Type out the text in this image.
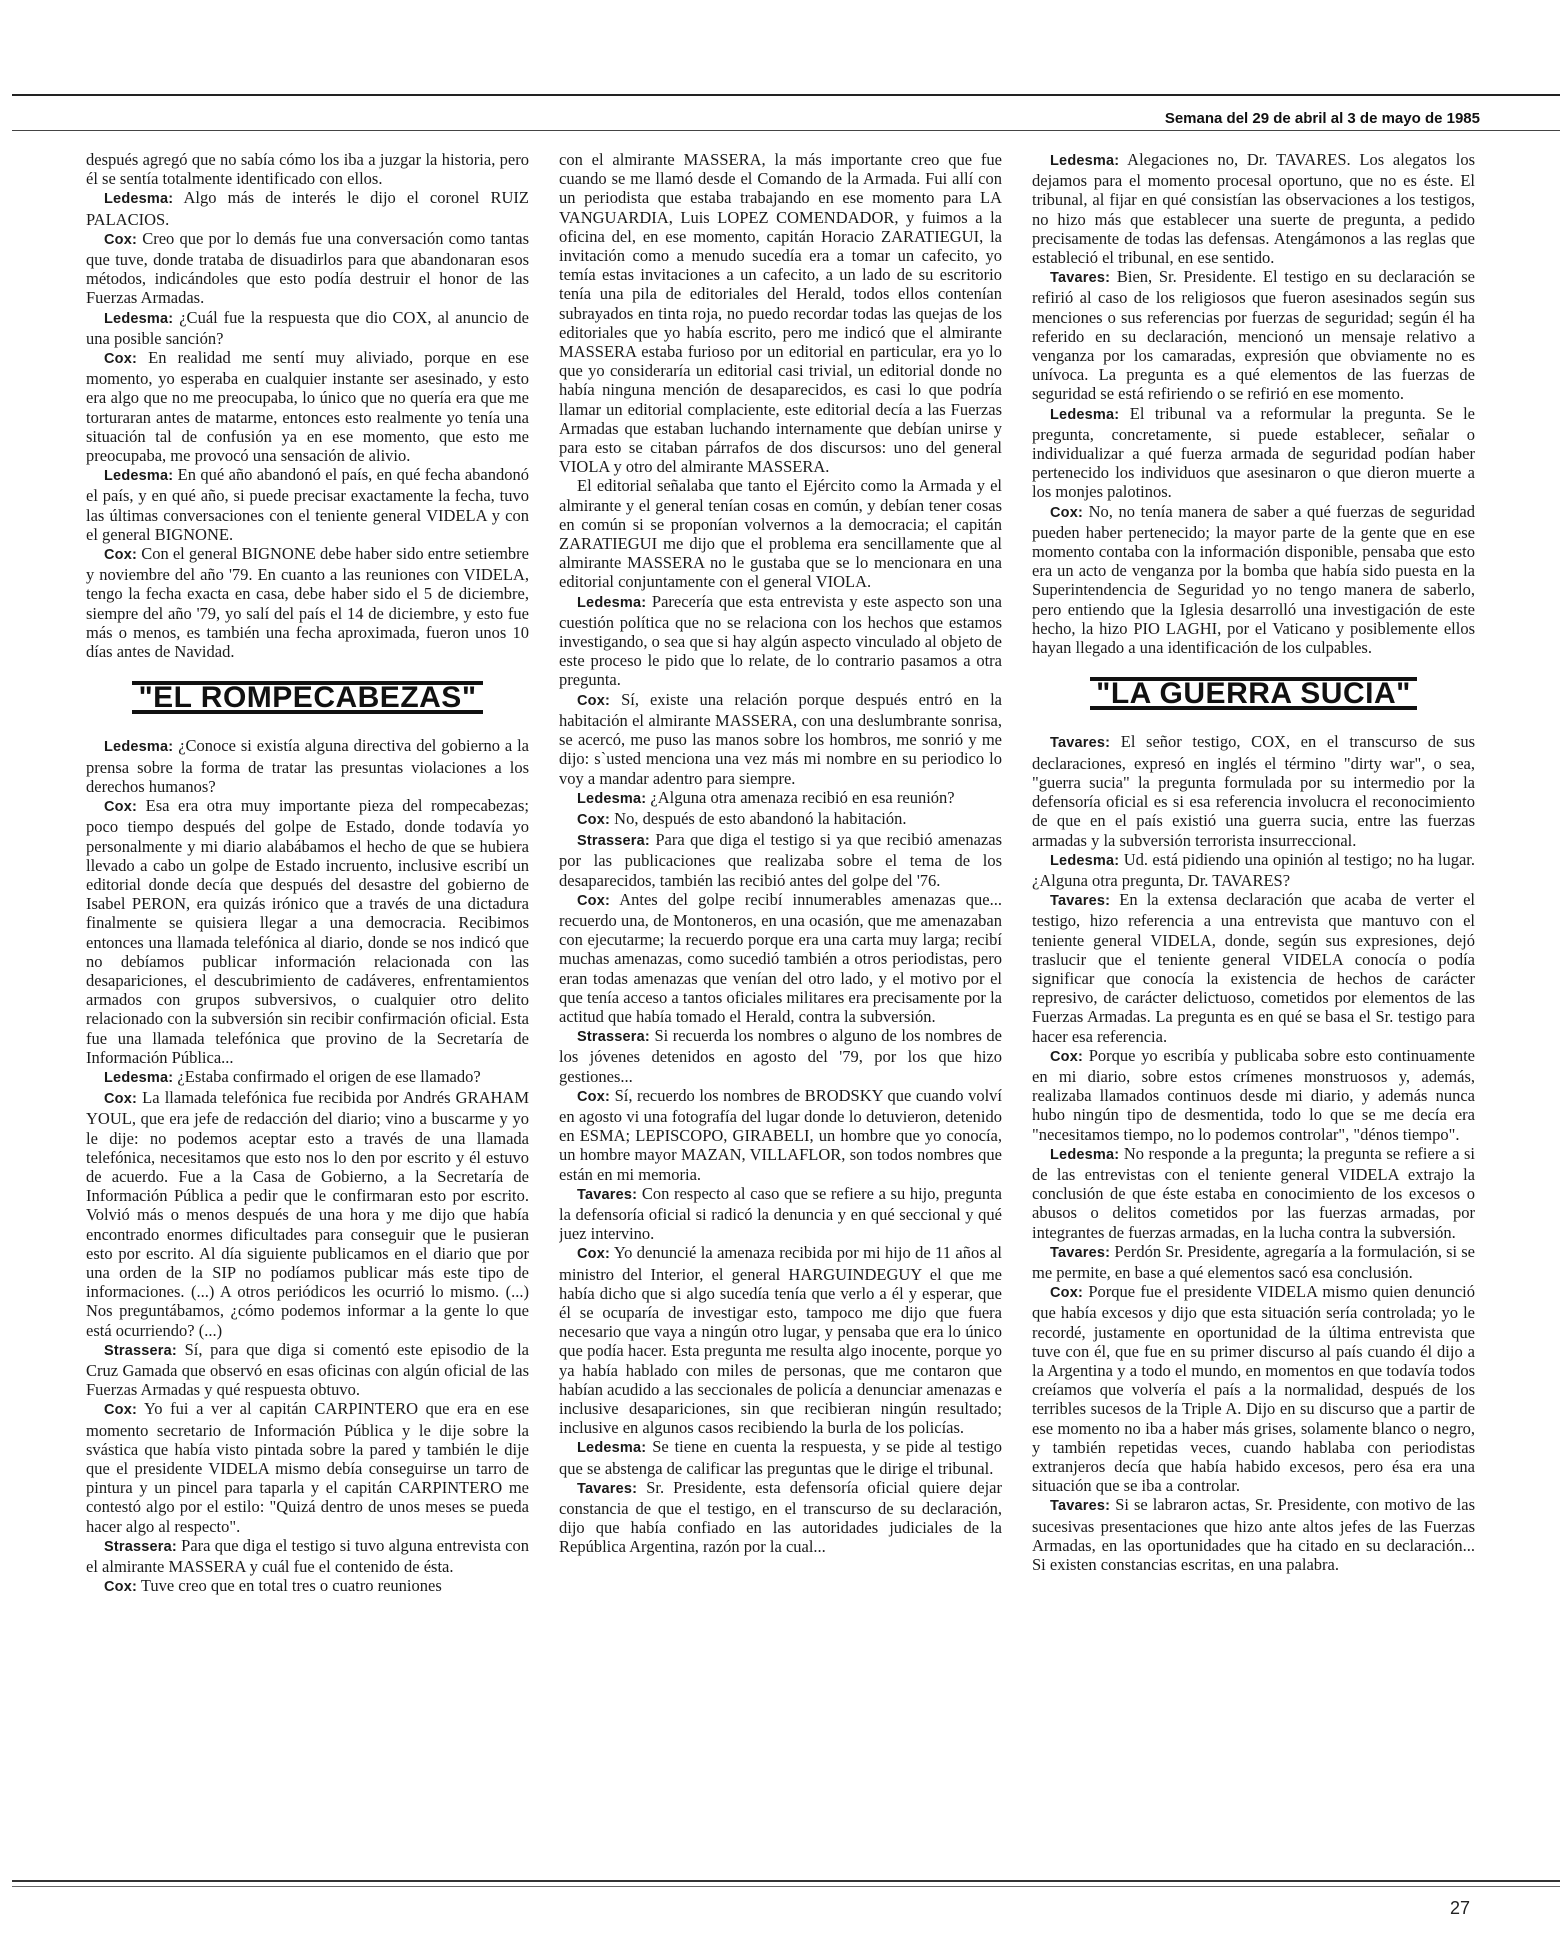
Semana del 29 de abril al 3 de mayo de 1985

después agregó que no sabía cómo los iba a juzgar la historia, pero él se sentía totalmente identificado con ellos.

Ledesma: Algo más de interés le dijo el coronel RUIZ PALACIOS.

Cox: Creo que por lo demás fue una conversación como tantas que tuve, donde trataba de disuadirlos para que abandonaran esos métodos, indicándoles que esto podía destruir el honor de las Fuerzas Armadas.

Ledesma: ¿Cuál fue la respuesta que dio COX, al anuncio de una posible sanción?

Cox: En realidad me sentí muy aliviado, porque en ese momento, yo esperaba en cualquier instante ser asesinado, y esto era algo que no me preocupaba, lo único que no quería era que me torturaran antes de matarme, entonces esto realmente yo tenía una situación tal de confusión ya en ese momento, que esto me preocupaba, me provocó una sensación de alivio.

Ledesma: En qué año abandonó el país, en qué fecha abandonó el país, y en qué año, si puede precisar exactamente la fecha, tuvo las últimas conversaciones con el teniente general VIDELA y con el general BIGNONE.

Cox: Con el general BIGNONE debe haber sido entre setiembre y noviembre del año '79. En cuanto a las reuniones con VIDELA, tengo la fecha exacta en casa, debe haber sido el 5 de diciembre, siempre del año '79, yo salí del país el 14 de diciembre, y esto fue más o menos, es también una fecha aproximada, fueron unos 10 días antes de Navidad.

"EL ROMPECABEZAS"

Ledesma: ¿Conoce si existía alguna directiva del gobierno a la prensa sobre la forma de tratar las presuntas violaciones a los derechos humanos?

Cox: Esa era otra muy importante pieza del rompecabezas; poco tiempo después del golpe de Estado, donde todavía yo personalmente y mi diario alabábamos el hecho de que se hubiera llevado a cabo un golpe de Estado incruento, inclusive escribí un editorial donde decía que después del desastre del gobierno de Isabel PERON, era quizás irónico que a través de una dictadura finalmente se quisiera llegar a una democracia. Recibimos entonces una llamada telefónica al diario, donde se nos indicó que no debíamos publicar información relacionada con las desapariciones, el descubrimiento de cadáveres, enfrentamientos armados con grupos subversivos, o cualquier otro delito relacionado con la subversión sin recibir confirmación oficial. Esta fue una llamada telefónica que provino de la Secretaría de Información Pública...

Ledesma: ¿Estaba confirmado el origen de ese llamado?

Cox: La llamada telefónica fue recibida por Andrés GRAHAM YOUL, que era jefe de redacción del diario; vino a buscarme y yo le dije: no podemos aceptar esto a través de una llamada telefónica, necesitamos que esto nos lo den por escrito y él estuvo de acuerdo. Fue a la Casa de Gobierno, a la Secretaría de Información Pública a pedir que le confirmaran esto por escrito. Volvió más o menos después de una hora y me dijo que había encontrado enormes dificultades para conseguir que le pusieran esto por escrito. Al día siguiente publicamos en el diario que por una orden de la SIP no podíamos publicar más este tipo de informaciones. (...) A otros periódicos les ocurrió lo mismo. (...) Nos preguntábamos, ¿cómo podemos informar a la gente lo que está ocurriendo? (...)

Strassera: Sí, para que diga si comentó este episodio de la Cruz Gamada que observó en esas oficinas con algún oficial de las Fuerzas Armadas y qué respuesta obtuvo.

Cox: Yo fui a ver al capitán CARPINTERO que era en ese momento secretario de Información Pública y le dije sobre la svástica que había visto pintada sobre la pared y también le dije que el presidente VIDELA mismo debía conseguirse un tarro de pintura y un pincel para taparla y el capitán CARPINTERO me contestó algo por el estilo: "Quizá dentro de unos meses se pueda hacer algo al respecto".

Strassera: Para que diga el testigo si tuvo alguna entrevista con el almirante MASSERA y cuál fue el contenido de ésta.

Cox: Tuve creo que en total tres o cuatro reuniones

con el almirante MASSERA, la más importante creo que fue cuando se me llamó desde el Comando de la Armada. Fui allí con un periodista que estaba trabajando en ese momento para LA VANGUARDIA, Luis LOPEZ COMENDADOR, y fuimos a la oficina del, en ese momento, capitán Horacio ZARATIEGUI, la invitación como a menudo sucedía era a tomar un cafecito, yo temía estas invitaciones a un cafecito, a un lado de su escritorio tenía una pila de editoriales del Herald, todos ellos contenían subrayados en tinta roja, no puedo recordar todas las quejas de los editoriales que yo había escrito, pero me indicó que el almirante MASSERA estaba furioso por un editorial en particular, era yo lo que yo consideraría un editorial casi trivial, un editorial donde no había ninguna mención de desaparecidos, es casi lo que podría llamar un editorial complaciente, este editorial decía a las Fuerzas Armadas que estaban luchando internamente que debían unirse y para esto se citaban párrafos de dos discursos: uno del general VIOLA y otro del almirante MASSERA.

El editorial señalaba que tanto el Ejército como la Armada y el almirante y el general tenían cosas en común, y debían tener cosas en común si se proponían volvernos a la democracia; el capitán ZARATIEGUI me dijo que el problema era sencillamente que al almirante MASSERA no le gustaba que se lo mencionara en una editorial conjuntamente con el general VIOLA.

Ledesma: Parecería que esta entrevista y este aspecto son una cuestión política que no se relaciona con los hechos que estamos investigando, o sea que si hay algún aspecto vinculado al objeto de este proceso le pido que lo relate, de lo contrario pasamos a otra pregunta.

Cox: Sí, existe una relación porque después entró en la habitación el almirante MASSERA, con una deslumbrante sonrisa, se acercó, me puso las manos sobre los hombros, me sonrió y me dijo: s`usted menciona una vez más mi nombre en su periodico lo voy a mandar adentro para siempre.

Ledesma: ¿Alguna otra amenaza recibió en esa reunión?

Cox: No, después de esto abandonó la habitación.

Strassera: Para que diga el testigo si ya que recibió amenazas por las publicaciones que realizaba sobre el tema de los desaparecidos, también las recibió antes del golpe del '76.

Cox: Antes del golpe recibí innumerables amenazas que... recuerdo una, de Montoneros, en una ocasión, que me amenazaban con ejecutarme; la recuerdo porque era una carta muy larga; recibí muchas amenazas, como sucedió también a otros periodistas, pero eran todas amenazas que venían del otro lado, y el motivo por el que tenía acceso a tantos oficiales militares era precisamente por la actitud que había tomado el Herald, contra la subversión.

Strassera: Si recuerda los nombres o alguno de los nombres de los jóvenes detenidos en agosto del '79, por los que hizo gestiones...

Cox: Sí, recuerdo los nombres de BRODSKY que cuando volví en agosto vi una fotografía del lugar donde lo detuvieron, detenido en ESMA; LEPISCOPO, GIRABELI, un hombre que yo conocía, un hombre mayor MAZAN, VILLAFLOR, son todos nombres que están en mi memoria.

Tavares: Con respecto al caso que se refiere a su hijo, pregunta la defensoría oficial si radicó la denuncia y en qué seccional y qué juez intervino.

Cox: Yo denuncié la amenaza recibida por mi hijo de 11 años al ministro del Interior, el general HARGUINDEGUY el que me había dicho que si algo sucedía tenía que verlo a él y esperar, que él se ocuparía de investigar esto, tampoco me dijo que fuera necesario que vaya a ningún otro lugar, y pensaba que era lo único que podía hacer. Esta pregunta me resulta algo inocente, porque yo ya había hablado con miles de personas, que me contaron que habían acudido a las seccionales de policía a denunciar amenazas e inclusive desapariciones, sin que recibieran ningún resultado; inclusive en algunos casos recibiendo la burla de los policías.

Ledesma: Se tiene en cuenta la respuesta, y se pide al testigo que se abstenga de calificar las preguntas que le dirige el tribunal.

Tavares: Sr. Presidente, esta defensoría oficial quiere dejar constancia de que el testigo, en el transcurso de su declaración, dijo que había confiado en las autoridades judiciales de la República Argentina, razón por la cual...

Ledesma: Alegaciones no, Dr. TAVARES. Los alegatos los dejamos para el momento procesal oportuno, que no es éste. El tribunal, al fijar en qué consistían las observaciones a los testigos, no hizo más que establecer una suerte de pregunta, a pedido precisamente de todas las defensas. Atengámonos a las reglas que estableció el tribunal, en ese sentido.

Tavares: Bien, Sr. Presidente. El testigo en su declaración se refirió al caso de los religiosos que fueron asesinados según sus menciones o sus referencias por fuerzas de seguridad; según él ha referido en su declaración, mencionó un mensaje relativo a venganza por los camaradas, expresión que obviamente no es unívoca. La pregunta es a qué elementos de las fuerzas de seguridad se está refiriendo o se refirió en ese momento.

Ledesma: El tribunal va a reformular la pregunta. Se le pregunta, concretamente, si puede establecer, señalar o individualizar a qué fuerza armada de seguridad podían haber pertenecido los individuos que asesinaron o que dieron muerte a los monjes palotinos.

Cox: No, no tenía manera de saber a qué fuerzas de seguridad pueden haber pertenecido; la mayor parte de la gente que en ese momento contaba con la información disponible, pensaba que esto era un acto de venganza por la bomba que había sido puesta en la Superintendencia de Seguridad yo no tengo manera de saberlo, pero entiendo que la Iglesia desarrolló una investigación de este hecho, la hizo PIO LAGHI, por el Vaticano y posiblemente ellos hayan llegado a una identificación de los culpables.

"LA GUERRA SUCIA"

Tavares: El señor testigo, COX, en el transcurso de sus declaraciones, expresó en inglés el término "dirty war", o sea, "guerra sucia" la pregunta formulada por su intermedio por la defensoría oficial es si esa referencia involucra el reconocimiento de que en el país existió una guerra sucia, entre las fuerzas armadas y la subversión terrorista insurreccional.

Ledesma: Ud. está pidiendo una opinión al testigo; no ha lugar. ¿Alguna otra pregunta, Dr. TAVARES?

Tavares: En la extensa declaración que acaba de verter el testigo, hizo referencia a una entrevista que mantuvo con el teniente general VIDELA, donde, según sus expresiones, dejó traslucir que el teniente general VIDELA conocía o podía significar que conocía la existencia de hechos de carácter represivo, de carácter delictuoso, cometidos por elementos de las Fuerzas Armadas. La pregunta es en qué se basa el Sr. testigo para hacer esa referencia.

Cox: Porque yo escribía y publicaba sobre esto continuamente en mi diario, sobre estos crímenes monstruosos y, además, realizaba llamados continuos desde mi diario, y además nunca hubo ningún tipo de desmentida, todo lo que se me decía era "necesitamos tiempo, no lo podemos controlar", "dénos tiempo".

Ledesma: No responde a la pregunta; la pregunta se refiere a si de las entrevistas con el teniente general VIDELA extrajo la conclusión de que éste estaba en conocimiento de los excesos o abusos o delitos cometidos por las fuerzas armadas, por integrantes de fuerzas armadas, en la lucha contra la subversión.

Tavares: Perdón Sr. Presidente, agregaría a la formulación, si se me permite, en base a qué elementos sacó esa conclusión.

Cox: Porque fue el presidente VIDELA mismo quien denunció que había excesos y dijo que esta situación sería controlada; yo le recordé, justamente en oportunidad de la última entrevista que tuve con él, que fue en su primer discurso al país cuando él dijo a la Argentina y a todo el mundo, en momentos en que todavía todos creíamos que volvería el país a la normalidad, después de los terribles sucesos de la Triple A. Dijo en su discurso que a partir de ese momento no iba a haber más grises, solamente blanco o negro, y también repetidas veces, cuando hablaba con periodistas extranjeros decía que había habido excesos, pero ésa era una situación que se iba a controlar.

Tavares: Si se labraron actas, Sr. Presidente, con motivo de las sucesivas presentaciones que hizo ante altos jefes de las Fuerzas Armadas, en las oportunidades que ha citado en su declaración... Si existen constancias escritas, en una palabra.

27
